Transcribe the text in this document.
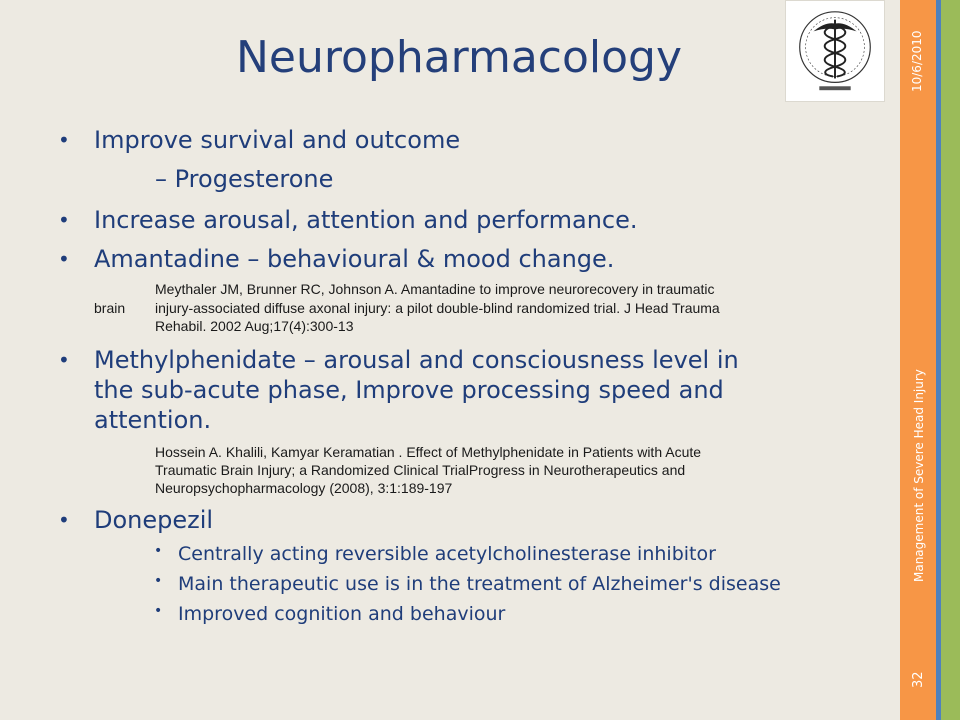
Neuropharmacology	10/6/2010
Management of Severe Head Injury
32
• Improve survival and outcome
– Progesterone
• Increase arousal, attention and performance.
• Amantadine – behavioural & mood change.
Meythaler JM, Brunner RC, Johnson A. Amantadine to improve neurorecovery in traumatic
brain injury-associated diffuse axonal injury: a pilot double-blind randomized trial. J Head Trauma
Rehabil. 2002 Aug;17(4):300-13
• Methylphenidate – arousal and consciousness level in
the sub-acute phase, Improve processing speed and
attention.
Hossein A. Khalili, Kamyar Keramatian . Effect of Methylphenidate in Patients with Acute
Traumatic Brain Injury; a Randomized Clinical TrialProgress in Neurotherapeutics and
Neuropsychopharmacology (2008), 3:1:189-197
• Donepezil
• Centrally acting reversible acetylcholinesterase inhibitor
• Main therapeutic use is in the treatment of Alzheimer's disease
• Improved cognition and behaviour
